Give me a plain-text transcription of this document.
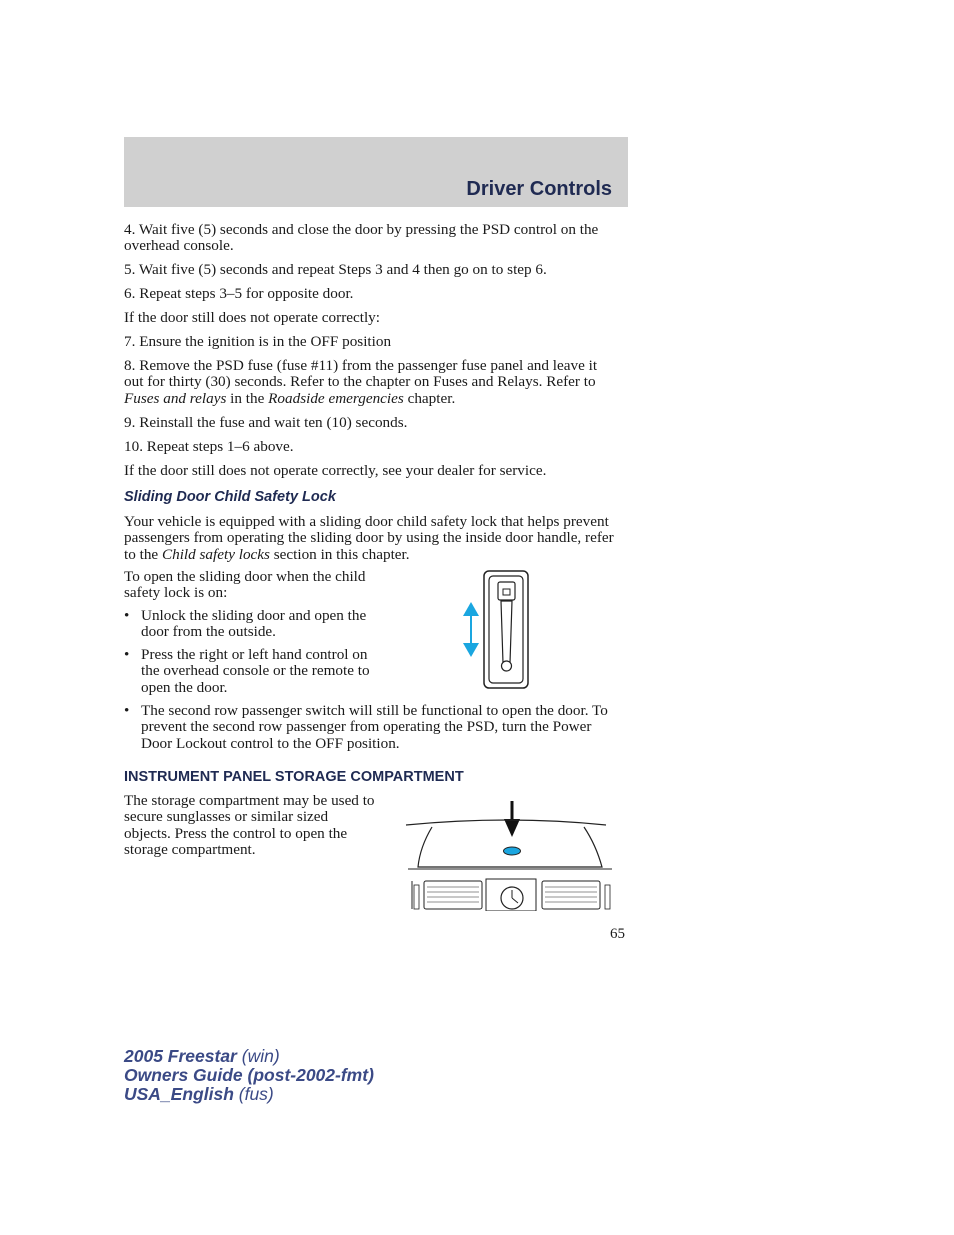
Driver Controls

4. Wait five (5) seconds and close the door by pressing the PSD control on the overhead console.

5. Wait five (5) seconds and repeat Steps 3 and 4 then go on to step 6.

6. Repeat steps 3–5 for opposite door.

If the door still does not operate correctly:

7. Ensure the ignition is in the OFF position

8. Remove the PSD fuse (fuse #11) from the passenger fuse panel and leave it out for thirty (30) seconds. Refer to the chapter on Fuses and Relays. Refer to Fuses and relays in the Roadside emergencies chapter.

9. Reinstall the fuse and wait ten (10) seconds.

10. Repeat steps 1–6 above.

If the door still does not operate correctly, see your dealer for service.

Sliding Door Child Safety Lock

Your vehicle is equipped with a sliding door child safety lock that helps prevent passengers from operating the sliding door by using the inside door handle, refer to the Child safety locks section in this chapter.

To open the sliding door when the child safety lock is on:

• Unlock the sliding door and open the door from the outside.
• Press the right or left hand control on the overhead console or the remote to open the door.
• The second row passenger switch will still be functional to open the door. To prevent the second row passenger from operating the PSD, turn the Power Door Lockout control to the OFF position.
INSTRUMENT PANEL STORAGE COMPARTMENT

The storage compartment may be used to secure sunglasses or similar sized objects. Press the control to open the storage compartment.

65
2005 Freestar (win)
Owners Guide (post-2002-fmt)
USA_English (fus)
